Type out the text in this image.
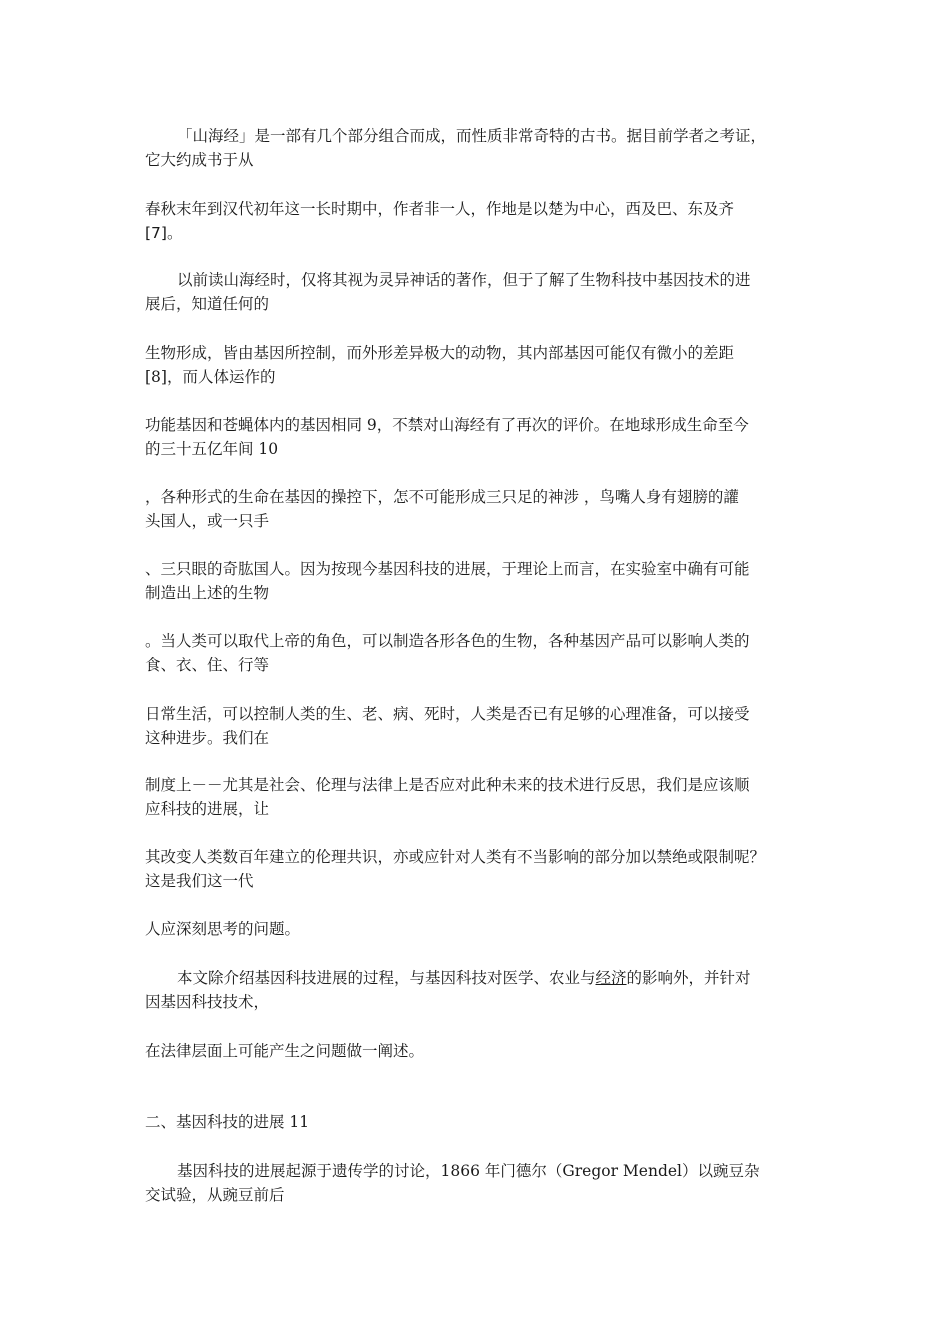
「山海经」是一部有几个部分组合而成，而性质非常奇特的古书。据目前学者之考证，
它大约成书于从
春秋末年到汉代初年这一长时期中，作者非一人，作地是以楚为中心，西及巴、东及齐
[7]。
以前读山海经时，仅将其视为灵异神话的著作，但于了解了生物科技中基因技术的进
展后，知道任何的
生物形成，皆由基因所控制，而外形差异极大的动物，其内部基因可能仅有微小的差距
[8]，而人体运作的
功能基因和苍蝇体内的基因相同 9，不禁对山海经有了再次的评价。在地球形成生命至今
的三十五亿年间 10
，各种形式的生命在基因的操控下，怎不可能形成三只足的神涉 ，鸟嘴人身有翅膀的讙
头国人，或一只手
、三只眼的奇肱国人。因为按现今基因科技的进展，于理论上而言，在实验室中确有可能
制造出上述的生物
。当人类可以取代上帝的角色，可以制造各形各色的生物，各种基因产品可以影响人类的
食、衣、住、行等
日常生活，可以控制人类的生、老、病、死时，人类是否已有足够的心理准备，可以接受
这种进步。我们在
制度上－－尤其是社会、伦理与法律上是否应对此种未来的技术进行反思，我们是应该顺
应科技的进展，让
其改变人类数百年建立的伦理共识，亦或应针对人类有不当影响的部分加以禁绝或限制呢？
这是我们这一代
人应深刻思考的问题。
本文除介绍基因科技进展的过程，与基因科技对医学、农业与经济的影响外，并针对
因基因科技技术，
在法律层面上可能产生之问题做一阐述。
二、基因科技的进展 11
基因科技的进展起源于遗传学的讨论，1866 年门德尔（Gregor Mendel）以豌豆杂
交试验，从豌豆前后
